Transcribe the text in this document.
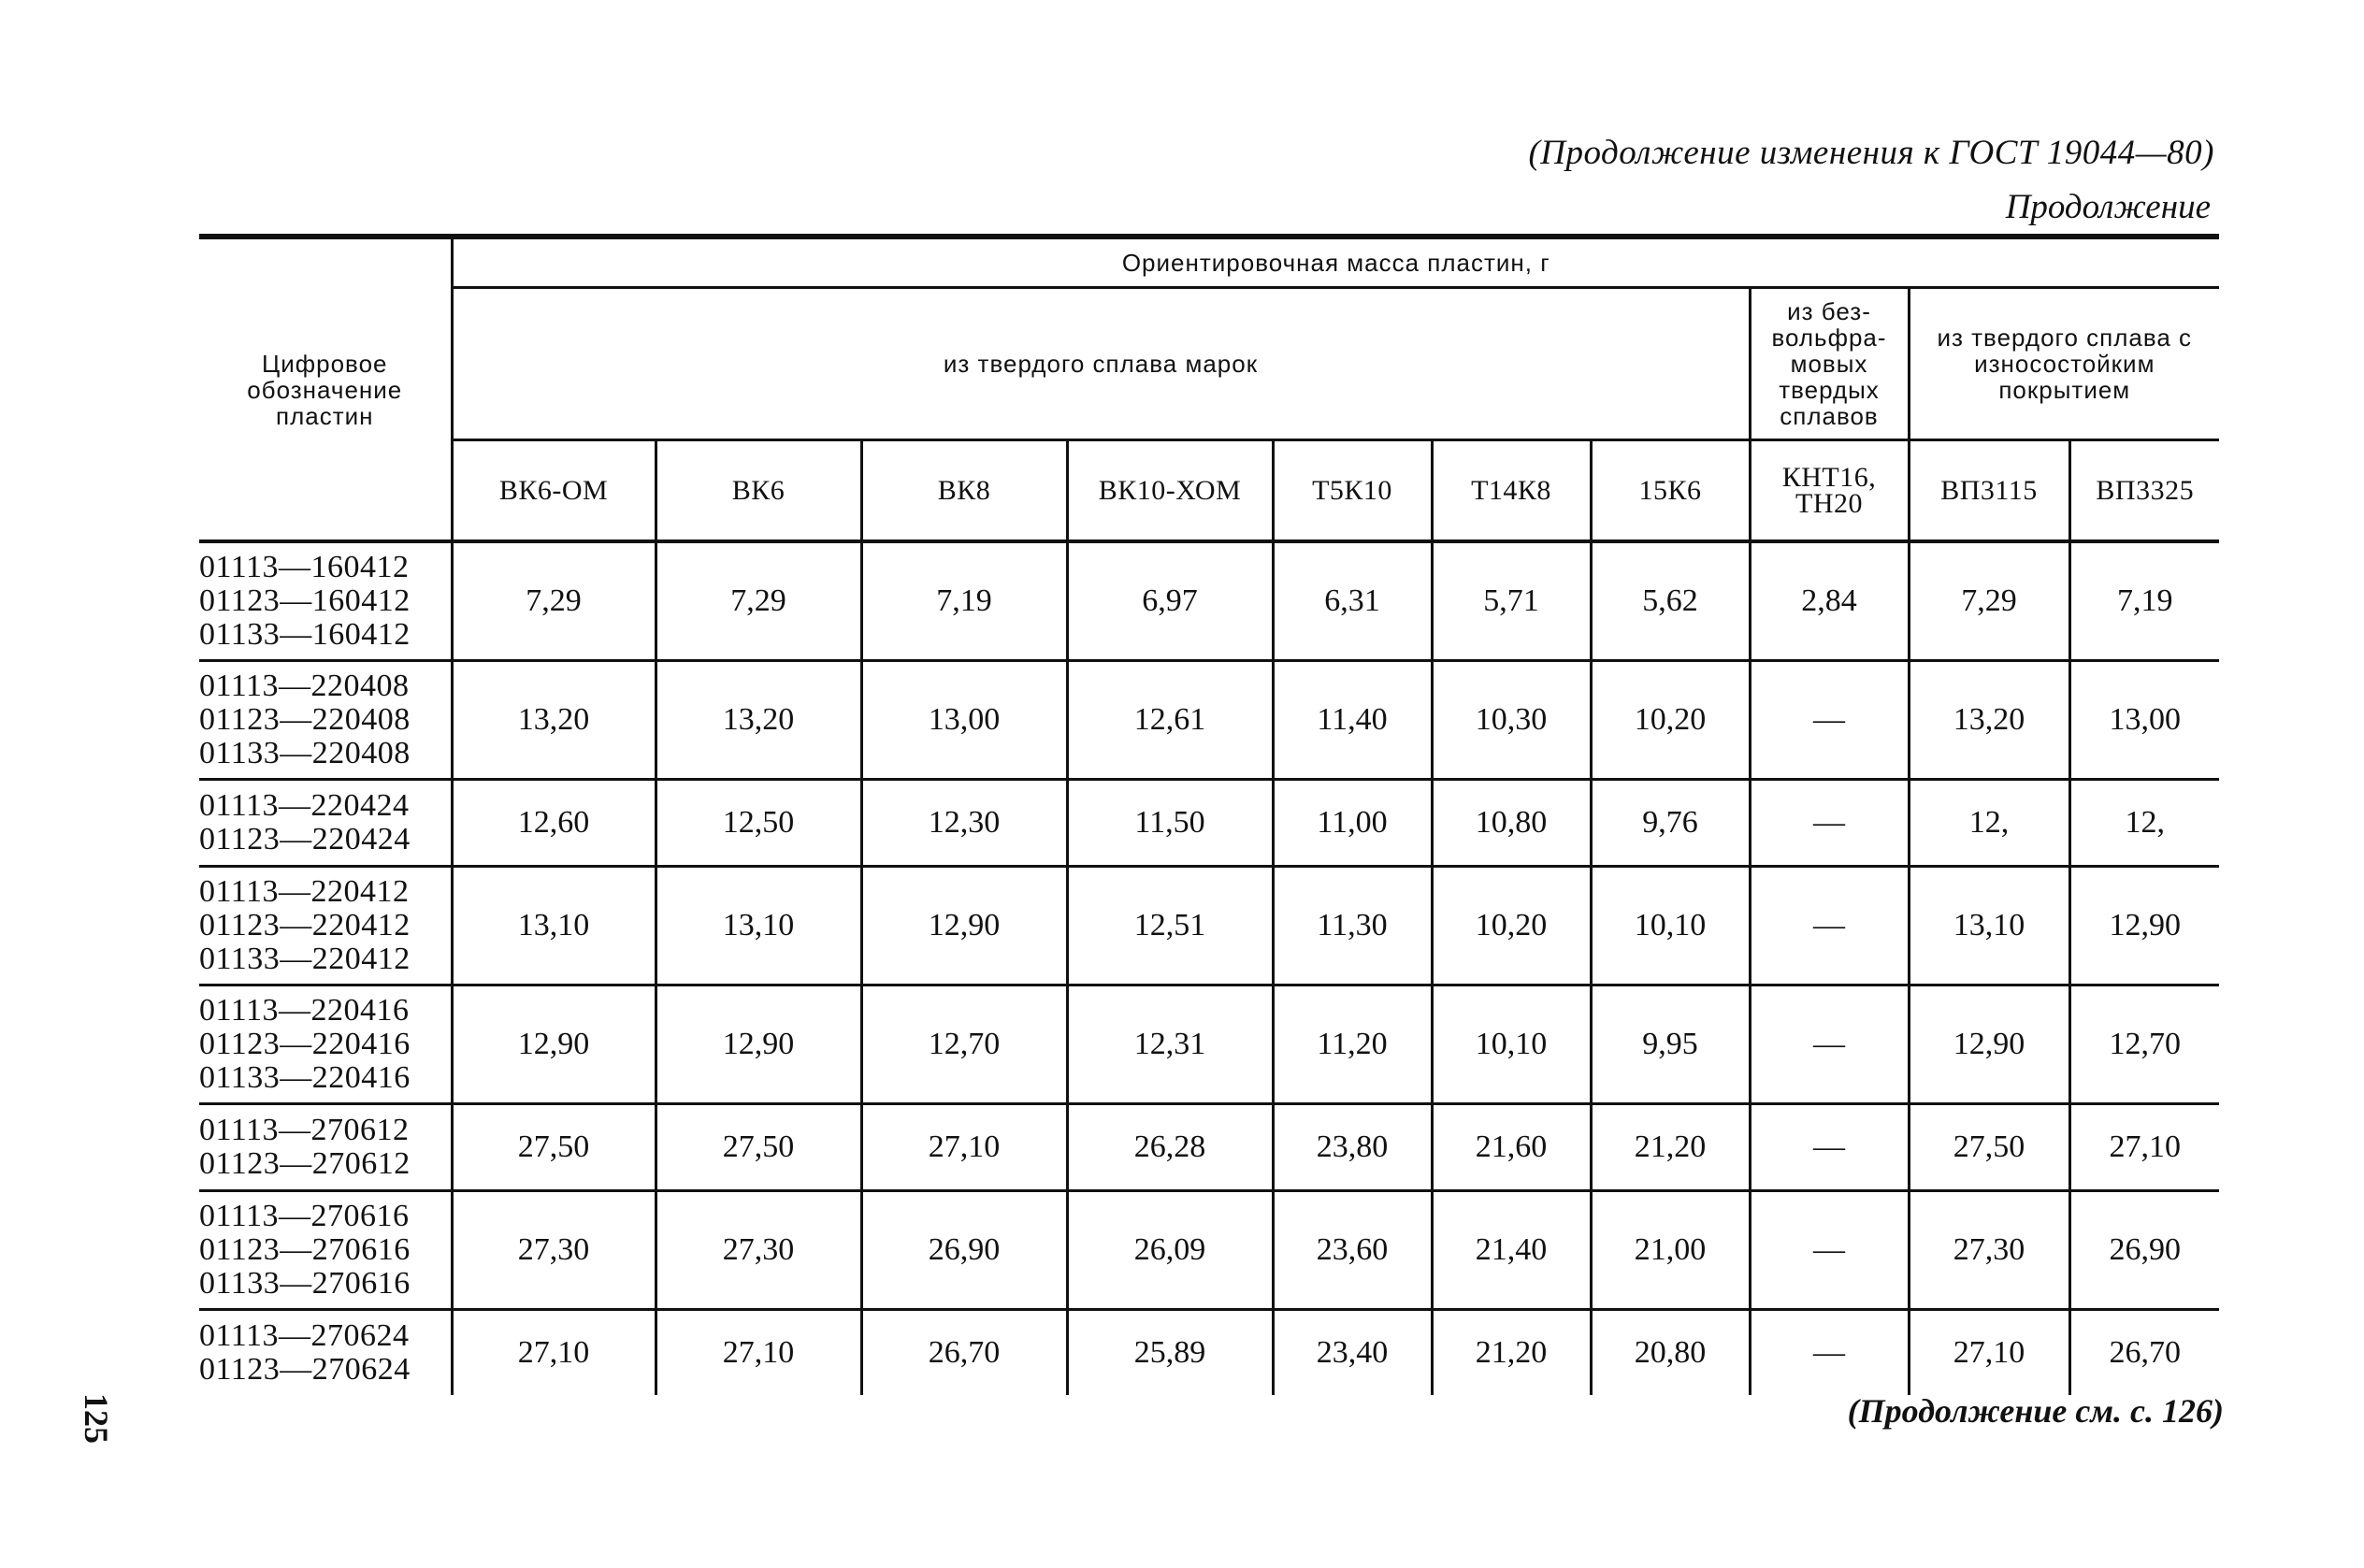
(Продолжение изменения к ГОСТ 19044—80)
Продолжение
Цифровое обозначение пластин	Ориентировочная масса пластин, г									
	из твердого сплава марок							из без-вольфра-мовых твердых сплавов	из твердого сплава с износостойким покрытием	
	ВК6-ОМ	ВК6	ВК8	ВК10-ХОМ	Т5К10	Т14К8	15К6	КНТ16, ТН20	ВП3115	ВП3325

01113—160412
01123—160412
01133—160412	7,29	7,29	7,19	6,97	6,31	5,71	5,62	2,84	7,29	7,19

01113—220408
01123—220408
01133—220408	13,20	13,20	13,00	12,61	11,40	10,30	10,20	—	13,20	13,00

01113—220424
01123—220424	12,60	12,50	12,30	11,50	11,00	10,80	9,76	—	12,	12,

01113—220412
01123—220412
01133—220412	13,10	13,10	12,90	12,51	11,30	10,20	10,10	—	13,10	12,90

01113—220416
01123—220416
01133—220416	12,90	12,90	12,70	12,31	11,20	10,10	9,95	—	12,90	12,70

01113—270612
01123—270612	27,50	27,50	27,10	26,28	23,80	21,60	21,20	—	27,50	27,10

01113—270616
01123—270616
01133—270616	27,30	27,30	26,90	26,09	23,60	21,40	21,00	—	27,30	26,90

01113—270624
01123—270624	27,10	27,10	26,70	25,89	23,40	21,20	20,80	—	27,10	26,70
(Продолжение см. с. 126)
125
